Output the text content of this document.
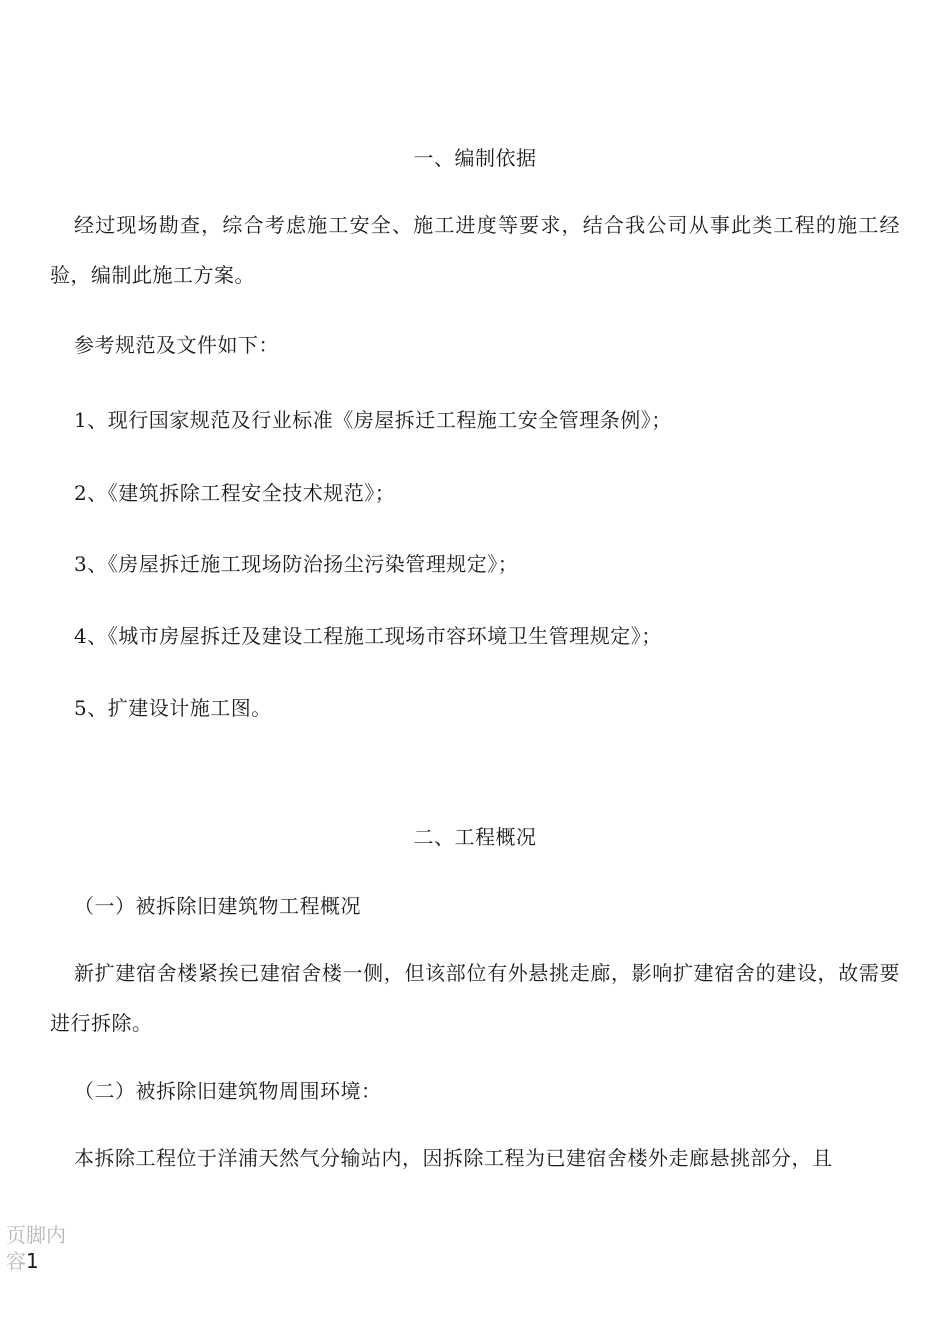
一、编制依据
经过现场勘查，综合考虑施工安全、施工进度等要求，结合我公司从事此类工程的施工经验，编制此施工方案。
参考规范及文件如下：
1、现行国家规范及行业标准《房屋拆迁工程施工安全管理条例》；
2、《建筑拆除工程安全技术规范》；
3、《房屋拆迁施工现场防治扬尘污染管理规定》；
4、《城市房屋拆迁及建设工程施工现场市容环境卫生管理规定》；
5、扩建设计施工图。
二、工程概况
（一）被拆除旧建筑物工程概况
新扩建宿舍楼紧挨已建宿舍楼一侧，但该部位有外悬挑走廊，影响扩建宿舍的建设，故需要进行拆除。
（二）被拆除旧建筑物周围环境：
本拆除工程位于洋浦天然气分输站内，因拆除工程为已建宿舍楼外走廊悬挑部分，且
页脚内容1
